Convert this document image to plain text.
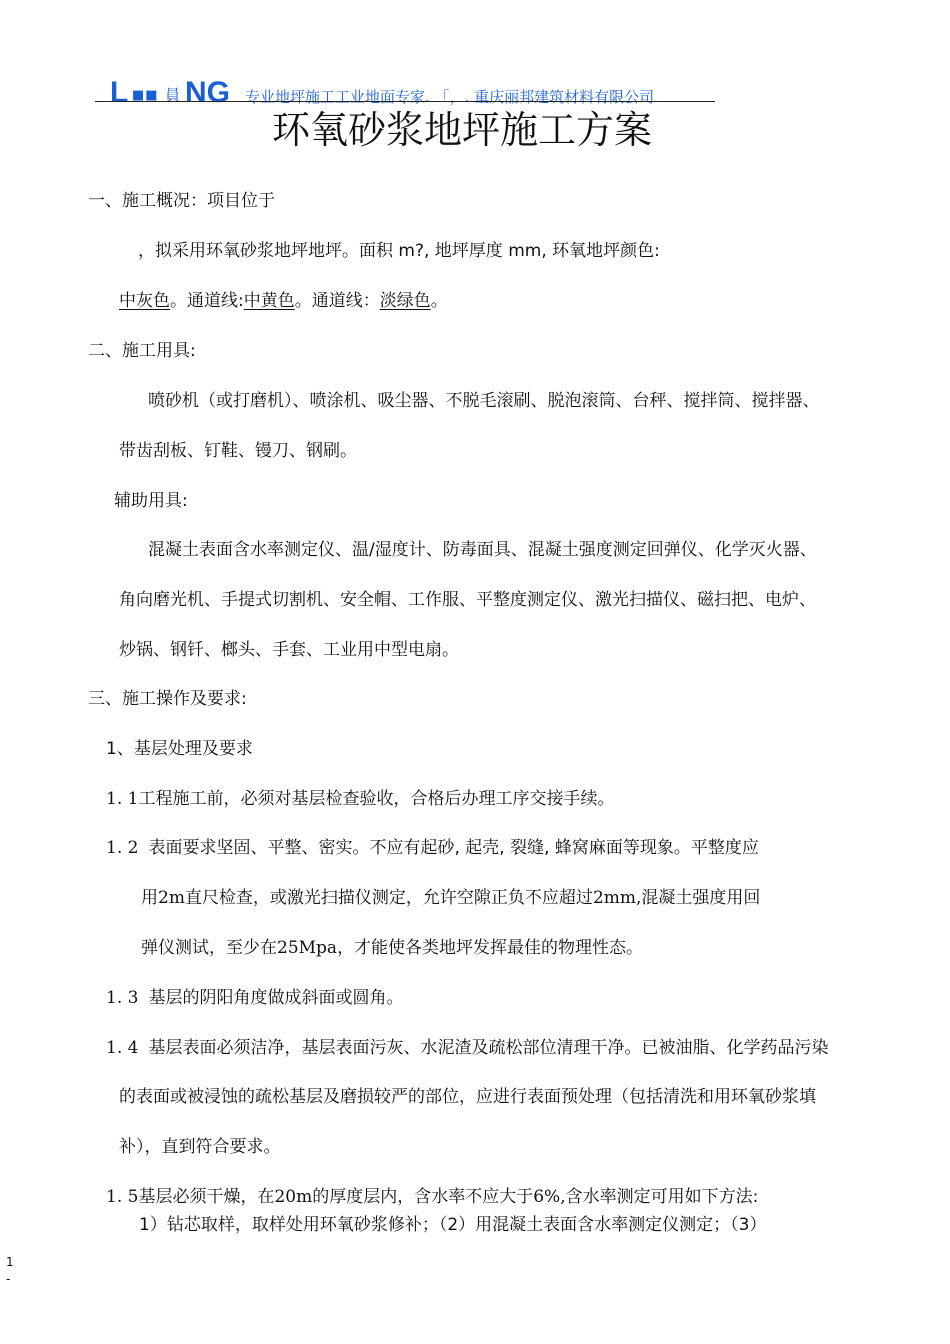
L ■■ 員 NG 专业地坪施工工业地面专家. 「，. 重庆丽邦建筑材料有限公司
环氧砂浆地坪施工方案
一、施工概况：项目位于
，拟采用环氧砂浆地坪地坪。面积 m?, 地坪厚度 mm, 环氧地坪颜色:
中灰色。通道线:中黄色。通道线：淡绿色。
二、施工用具:
喷砂机（或打磨机）、喷涂机、吸尘器、不脱毛滚刷、脱泡滚筒、台秤、搅拌筒、搅拌器、
带齿刮板、钉鞋、镘刀、钢刷。
辅助用具:
混凝土表面含水率测定仪、温/湿度计、防毒面具、混凝土强度测定回弹仪、化学灭火器、
角向磨光机、手提式切割机、安全帽、工作服、平整度测定仪、激光扫描仪、磁扫把、电炉、
炒锅、钢钎、榔头、手套、工业用中型电扇。
三、施工操作及要求:
1、基层处理及要求
1. 1工程施工前，必须对基层检查验收，合格后办理工序交接手续。
1. 2 表面要求坚固、平整、密实。不应有起砂, 起壳, 裂缝, 蜂窝麻面等现象。平整度应
用2m直尺检查，或激光扫描仪测定，允许空隙正负不应超过2mm,混凝土强度用回
弹仪测试，至少在25Mpa，才能使各类地坪发挥最佳的物理性态。
1. 3 基层的阴阳角度做成斜面或圆角。
1. 4 基层表面必须洁净，基层表面污灰、水泥渣及疏松部位清理干净。已被油脂、化学药品污染
的表面或被浸蚀的疏松基层及磨损较严的部位，应进行表面预处理（包括清洗和用环氧砂浆填
补），直到符合要求。
1. 5基层必须干燥，在20m的厚度层内，含水率不应大于6%,含水率测定可用如下方法:
1）钻芯取样，取样处用环氧砂浆修补；（2）用混凝土表面含水率测定仪测定；（3）
1
-
